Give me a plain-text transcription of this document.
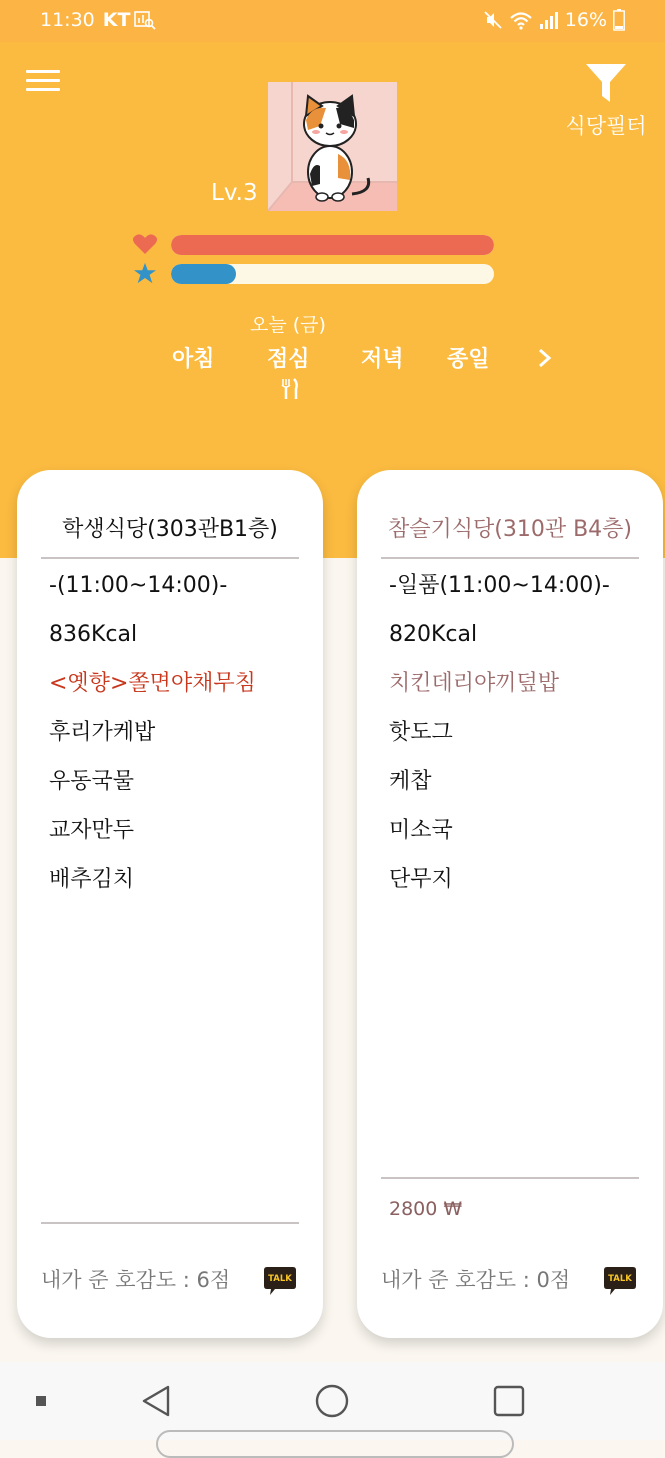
11:30 KT	16%
식당필터
Lv.3
오늘 (금)
아침 점심 저녁 종일
학생식당(303관B1층)
-(11:00~14:00)-
836Kcal
<옛향>쫄면야채무침
후리가케밥
우동국물
교자만두
배추김치
내가 준 호감도 : 6점	TALK
참슬기식당(310관 B4층)
-일품(11:00~14:00)-
820Kcal
치킨데리야끼덮밥
핫도그
케찹
미소국
단무지
2800 ₩
내가 준 호감도 : 0점	TALK
